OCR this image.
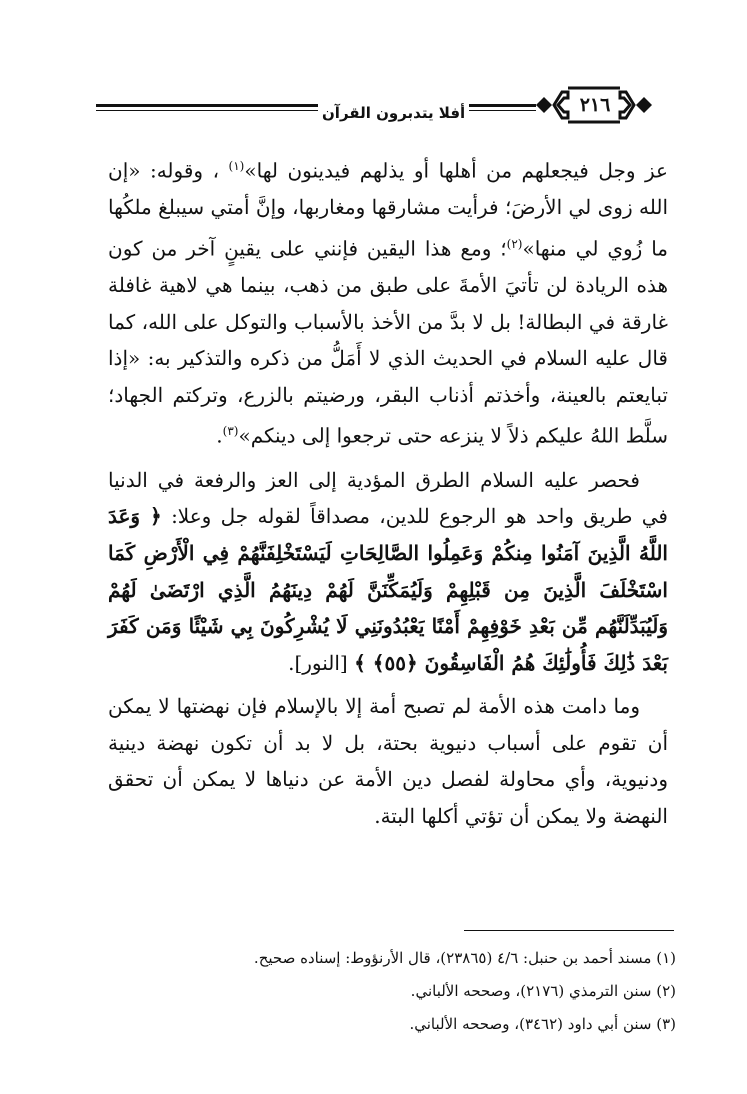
٢١٦
أفلا يتدبرون القرآن

عز وجل فيجعلهم من أهلها أو يذلهم فيدينون لها»$^{(١)}$ ، وقوله: «إن الله زوى لي الأرضَ؛ فرأيت مشارقها ومغاربها، وإنَّ أمتي سيبلغ ملكُها ما زُوي لي منها»$^{(٢)}$؛ ومع هذا اليقين فإنني على يقينٍ آخر من كون هذه الريادة لن تأتيَ الأمةَ على طبق من ذهب، بينما هي لاهية غافلة غارقة في البطالة! بل لا بدَّ من الأخذ بالأسباب والتوكل على الله، كما قال عليه السلام في الحديث الذي لا أَمَلُّ من ذكره والتذكير به: «إذا تبايعتم بالعينة، وأخذتم أذناب البقر، ورضيتم بالزرع، وتركتم الجهاد؛ سلَّط اللهُ عليكم ذلاً لا ينزعه حتى ترجعوا إلى دينكم»$^{(٣)}$.

فحصر عليه السلام الطرق المؤدية إلى العز والرفعة في الدنيا في طريق واحد هو الرجوع للدين، مصداقاً لقوله جل وعلا: ﴿ وَعَدَ اللَّهُ الَّذِينَ آمَنُوا مِنكُمْ وَعَمِلُوا الصَّالِحَاتِ لَيَسْتَخْلِفَنَّهُمْ فِي الْأَرْضِ كَمَا اسْتَخْلَفَ الَّذِينَ مِن قَبْلِهِمْ وَلَيُمَكِّنَنَّ لَهُمْ دِينَهُمُ الَّذِي ارْتَضَىٰ لَهُمْ وَلَيُبَدِّلَنَّهُم مِّن بَعْدِ خَوْفِهِمْ أَمْنًا يَعْبُدُونَنِي لَا يُشْرِكُونَ بِي شَيْئًا وَمَن كَفَرَ بَعْدَ ذَٰلِكَ فَأُولَٰئِكَ هُمُ الْفَاسِقُونَ ﴿٥٥﴾ ﴾ [النور].

وما دامت هذه الأمة لم تصبح أمة إلا بالإسلام فإن نهضتها لا يمكن أن تقوم على أسباب دنيوية بحتة، بل لا بد أن تكون نهضة دينية ودنيوية، وأي محاولة لفصل دين الأمة عن دنياها لا يمكن أن تحقق النهضة ولا يمكن أن تؤتي أكلها البتة.

(١) مسند أحمد بن حنبل: ٤/٦ (٢٣٨٦٥)، قال الأرنؤوط: إسناده صحيح.
(٢) سنن الترمذي (٢١٧٦)، وصححه الألباني.
(٣) سنن أبي داود (٣٤٦٢)، وصححه الألباني.
